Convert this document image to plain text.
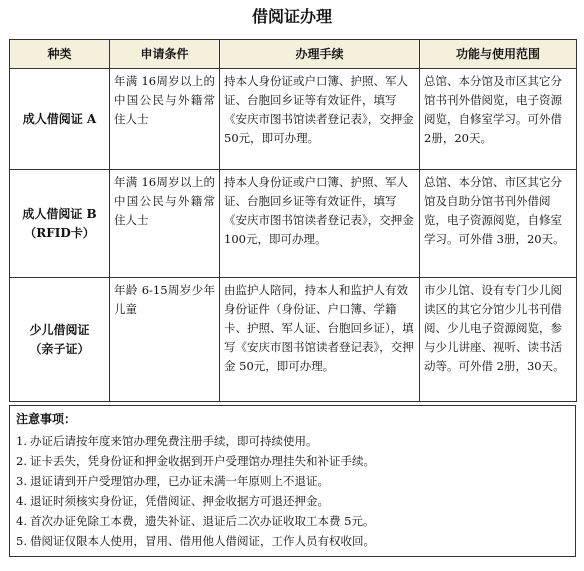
借阅证办理
种类	申请条件	办理手续	功能与使用范围

成人借阅证 A	年满 16周岁以上的中国公民与外籍常住人士	持本人身份证或户口簿、护照、军人证、台胞回乡证等有效证件，填写《安庆市图书馆读者登记表》，交押金 50元，即可办理。	总馆、本分馆及市区其它分馆书刊外借阅览，电子资源阅览，自修室学习。可外借 2册，20天。

成人借阅证 B
（RFID卡）	年满 16周岁以上的中国公民与外籍常住人士	持本人身份证或户口簿、护照、军人证、台胞回乡证等有效证件，填写《安庆市图书馆读者登记表》，交押金 100元，即可办理。	总馆、本分馆、市区其它分馆及自助分馆书刊外借阅览，电子资源阅览，自修室学习。可外借 3册，20天。

少儿借阅证
（亲子证）	年龄 6-15周岁少年儿童	由监护人陪同，持本人和监护人有效身份证件（身份证、户口簿、学籍卡、护照、军人证、台胞回乡证），填写《安庆市图书馆读者登记表》，交押金 50元，即可办理。	市少儿馆、设有专门少儿阅读区的其它分馆少儿书刊借阅、少儿电子资源阅览，参与少儿讲座、视听、读书活动等。可外借 2册，30天。
注意事项：
1. 办证后请按年度来馆办理免费注册手续，即可持续使用。
2. 证卡丢失，凭身份证和押金收据到开户受理馆办理挂失和补证手续。
3. 退证请到开户受理馆办理，已办证未满一年原则上不退证。
4. 退证时须核实身份证，凭借阅证、押金收据方可退还押金。
4. 首次办证免除工本费，遗失补证、退证后二次办证收取工本费 5元。
5. 借阅证仅限本人使用，冒用、借用他人借阅证，工作人员有权收回。
